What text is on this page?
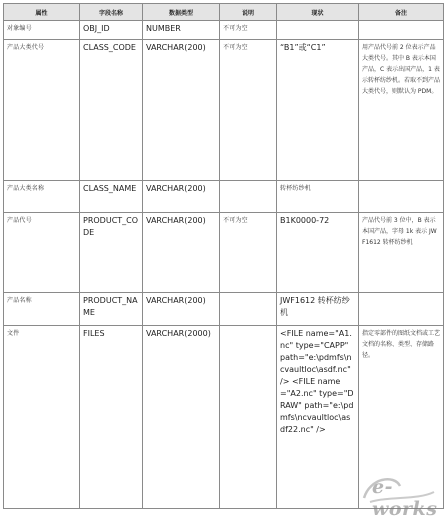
属性	字段名称	数据类型	说明	现状	备注
对象编号	OBJ_ID	NUMBER	不可为空		
产品大类代号	CLASS_CODE	VARCHAR(200)	不可为空	“B1”或“C1”	用产品代号前 2 位表示产品大类代号。其中 B 表示本国产品，C 表示出国产品，1 表示转杯纺纱机。若取不到产品大类代号，则默认为 PDM。
产品大类名称	CLASS_NAME	VARCHAR(200)		转杯纺纱机	
产品代号	PRODUCT_CODE	VARCHAR(200)	不可为空	B1K0000-72	产品代号前 3 位中，B 表示本国产品，字母 1k 表示 JWF1612 转杯纺纱机
产品名称	PRODUCT_NAME	VARCHAR(200)		JWF1612 转杯纺纱机	
文件	FILES	VARCHAR(2000)		<FILE name="A1.nc" type="CAPP" path="e:\pdmfs\ncvaultloc\asdf.nc" /> <FILE name="A2.nc" type="DRAW" path="e:\pdmfs\ncvaultloc\asdf22.nc" />	指定零部件的图纸文档或工艺文档的名称、类型、存储路径。
e-works
